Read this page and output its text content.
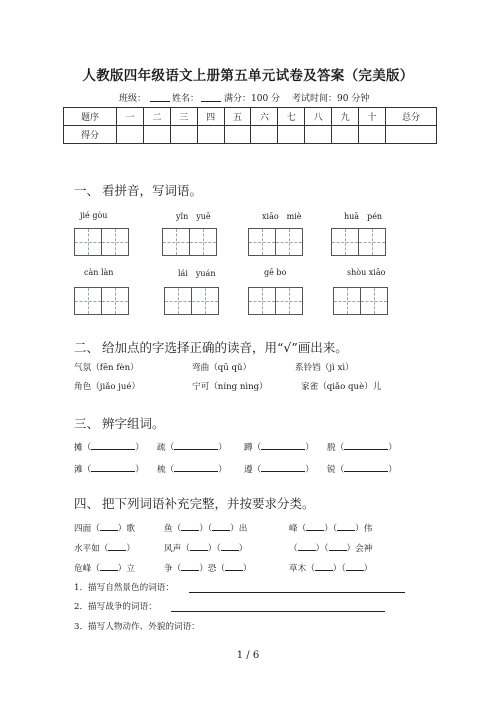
人教版四年级语文上册第五单元试卷及答案（完美版）
班级：	姓名：	满分：100 分 考试时间：90 分钟
题序	一	二	三	四	五	六	七	八	九	十	总分
得分											
一、 看拼音，写词语。
jié gòu	yǐn　yuē	xiāo　miè	huā　pén
càn làn	lái　yuán	gē bo	shòu xiāo
二、 给加点的字选择正确的读音，用“√”画出来。
气氛（fēn fèn）	弯曲（qū qǔ）	系铃铛（jì xì）
角色（jiǎo jué）	宁可（níng nìng）	家雀（qiǎo què）儿
三、 辨字组词。
摊（	） 疏（	） 蹲（	） 脱（	）
滩（	） 梳（	） 遵（	） 锐（	）
四、 把下列词语补充完整，并按要求分类。
四面（ ）歌	鱼（ ）（ ）出	峰（ ）（ ）伟
水平如（ ）	风声（ ）（ ）	（ ）（ ）会神
危峰（ ）立	争（ ）恐（ ）	草木（ ）（ ）
1．描写自然景色的词语：
2．描写战争的词语：
3．描写人物动作、外貌的词语：
1 / 6
